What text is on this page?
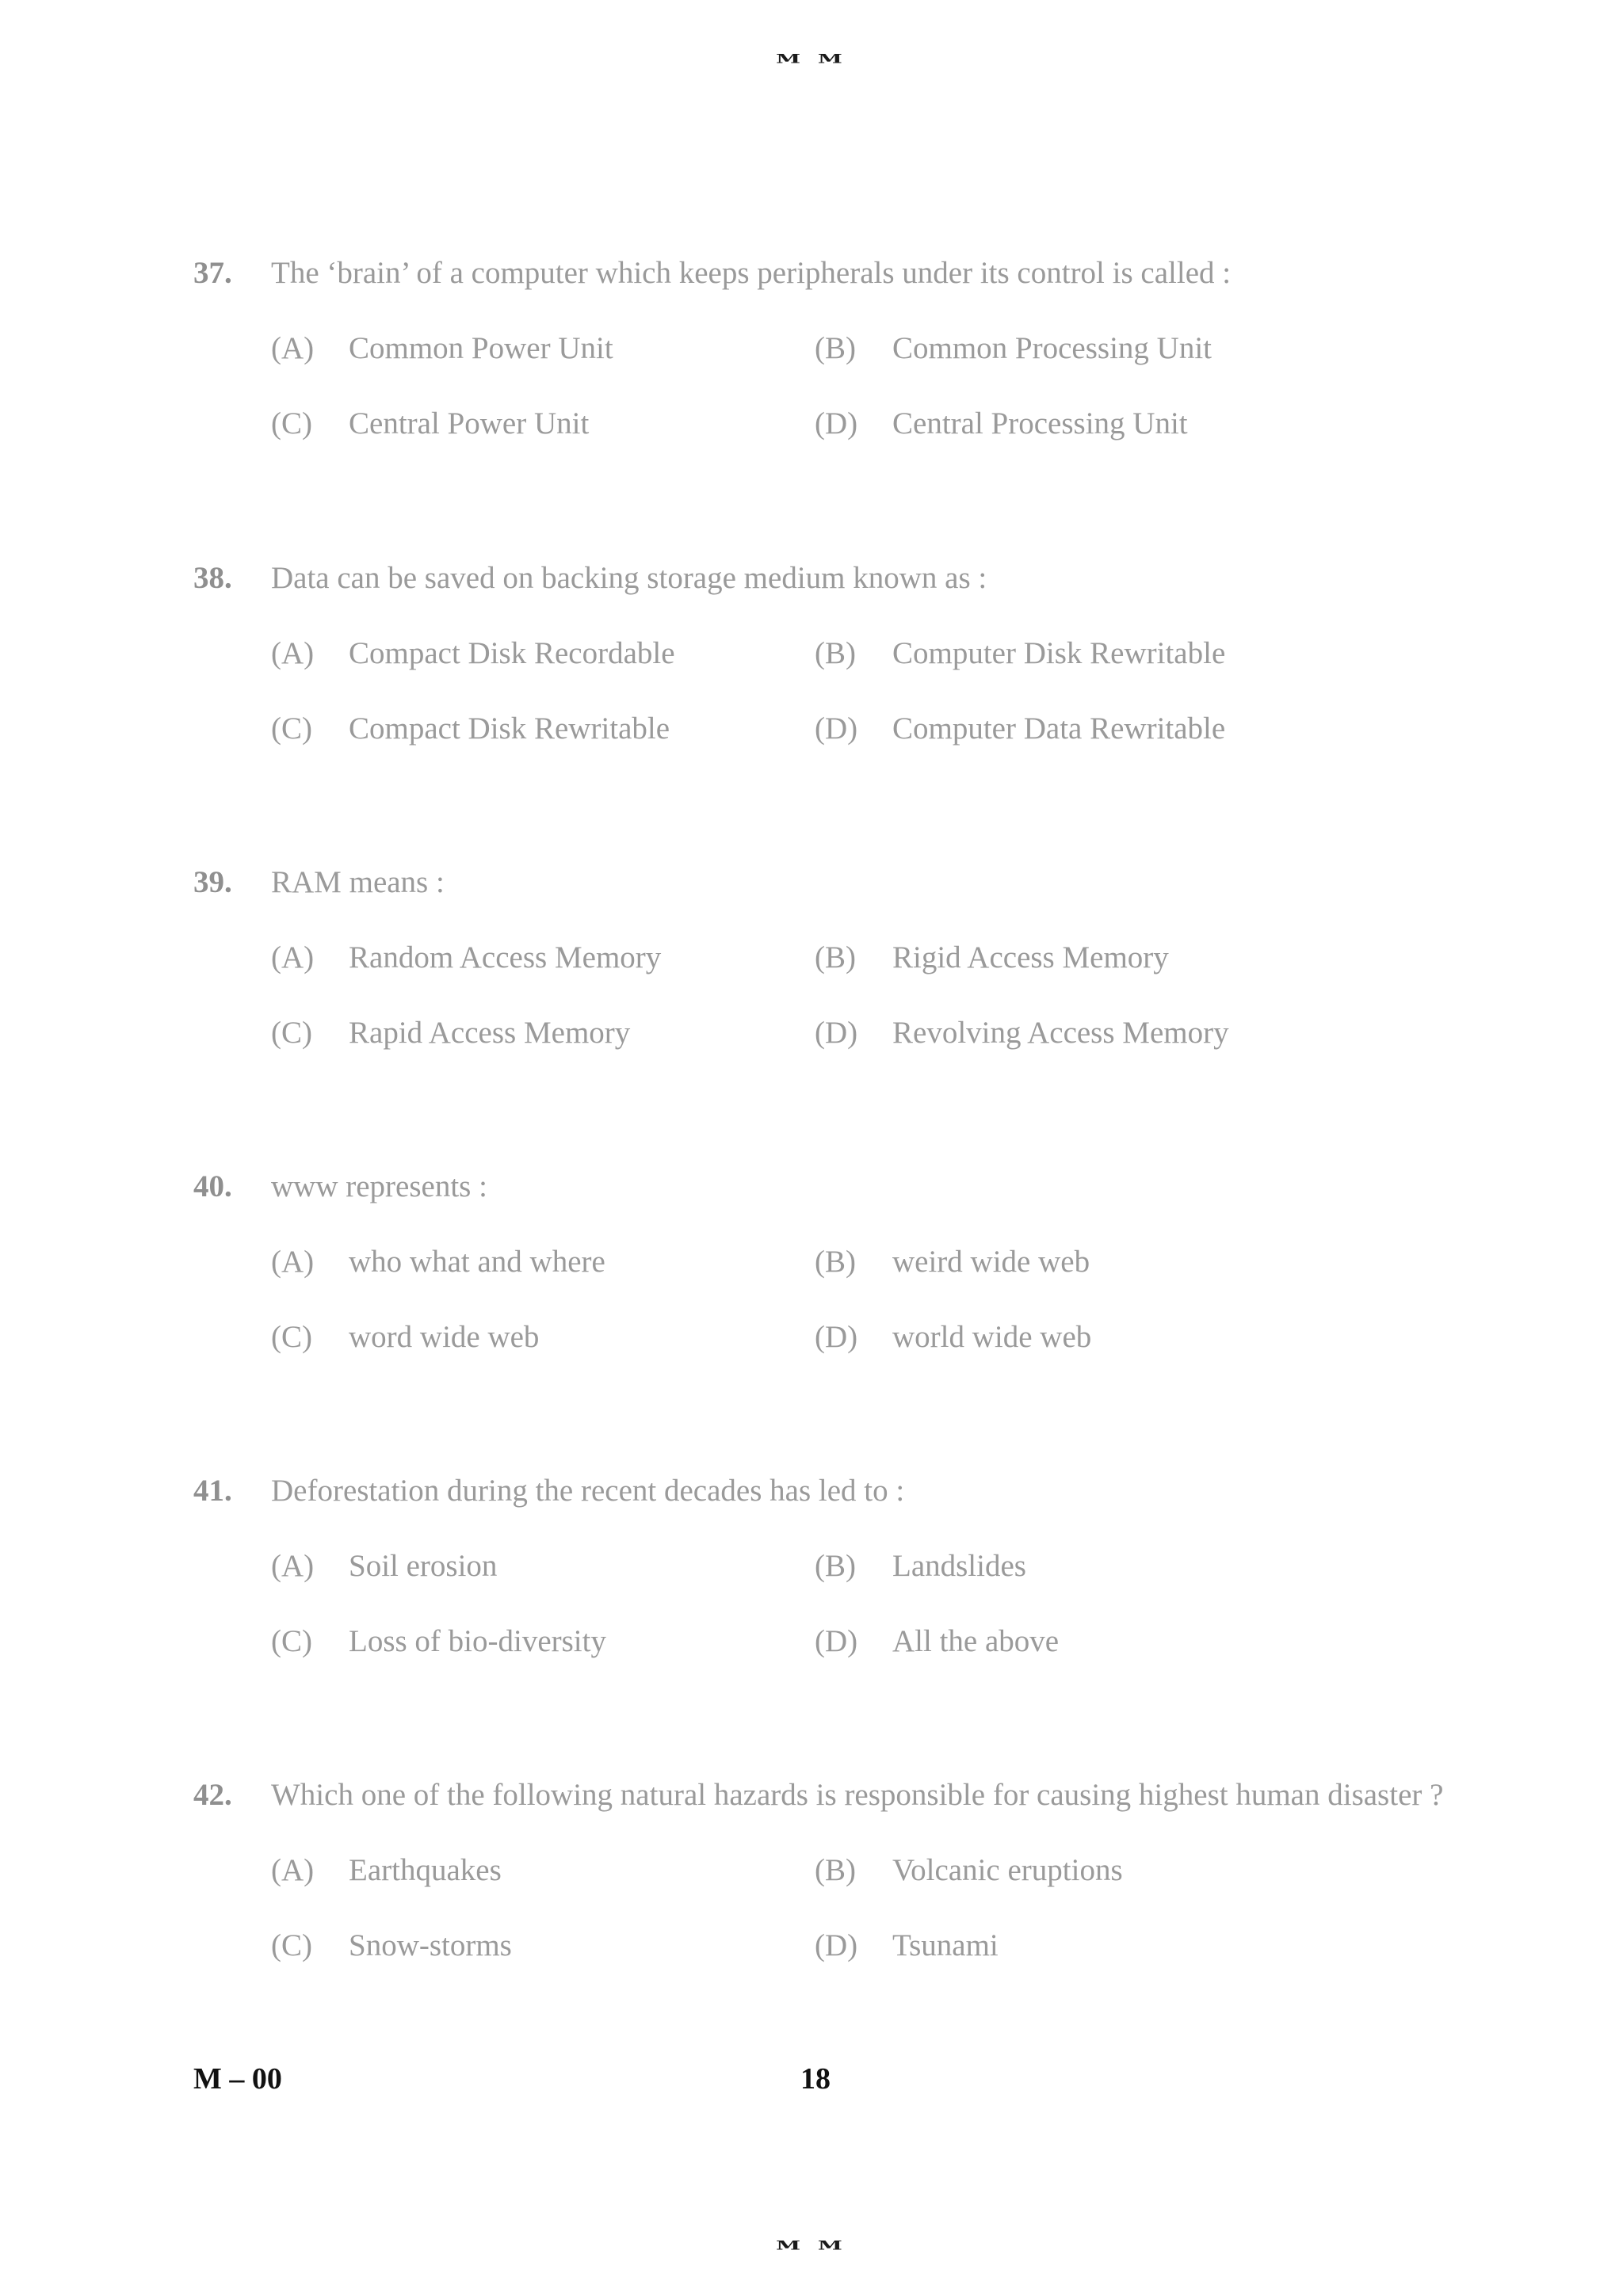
M M
37.	The ‘brain’ of a computer which keeps peripherals under its control is called :
(A)	Common Power Unit	(B)	Common Processing Unit
(C)	Central Power Unit	(D)	Central Processing Unit
38.	Data can be saved on backing storage medium known as :
(A)	Compact Disk Recordable	(B)	Computer Disk Rewritable
(C)	Compact Disk Rewritable	(D)	Computer Data Rewritable
39.	RAM means :
(A)	Random Access Memory	(B)	Rigid Access Memory
(C)	Rapid Access Memory	(D)	Revolving Access Memory
40.	www represents :
(A)	who what and where	(B)	weird wide web
(C)	word wide web	(D)	world wide web
41.	Deforestation during the recent decades has led to :
(A)	Soil erosion	(B)	Landslides
(C)	Loss of bio-diversity	(D)	All the above
42.	Which one of the following natural hazards is responsible for causing highest human disaster ?
(A)	Earthquakes	(B)	Volcanic eruptions
(C)	Snow-storms	(D)	Tsunami
M – 00	18
M M
